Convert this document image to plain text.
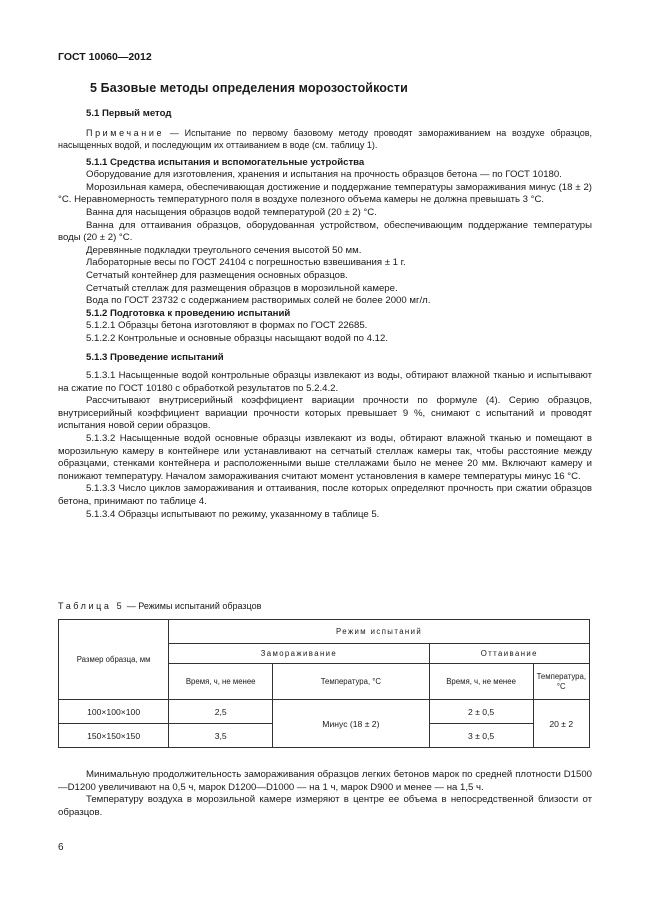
ГОСТ 10060—2012
5 Базовые методы определения морозостойкости
5.1 Первый метод

Примечание — Испытание по первому базовому методу проводят замораживанием на воздухе образцов, насыщенных водой, и последующим их оттаиванием в воде (см. таблицу 1).

5.1.1 Средства испытания и вспомогательные устройства

Оборудование для изготовления, хранения и испытания на прочность образцов бетона — по ГОСТ 10180.

Морозильная камера, обеспечивающая достижение и поддержание температуры замораживания минус (18 ± 2) °С. Неравномерность температурного поля в воздухе полезного объема камеры не должна превышать 3 °С.

Ванна для насыщения образцов водой температурой (20 ± 2) °С.

Ванна для оттаивания образцов, оборудованная устройством, обеспечивающим поддержание температуры воды (20 ± 2) °С.

Деревянные подкладки треугольного сечения высотой 50 мм.

Лабораторные весы по ГОСТ 24104 с погрешностью взвешивания ± 1 г.

Сетчатый контейнер для размещения основных образцов.

Сетчатый стеллаж для размещения образцов в морозильной камере.

Вода по ГОСТ 23732 с содержанием растворимых солей не более 2000 мг/л.

5.1.2 Подготовка к проведению испытаний

5.1.2.1 Образцы бетона изготовляют в формах по ГОСТ 22685.

5.1.2.2 Контрольные и основные образцы насыщают водой по 4.12.

5.1.3 Проведение испытаний

5.1.3.1 Насыщенные водой контрольные образцы извлекают из воды, обтирают влажной тканью и испытывают на сжатие по ГОСТ 10180 с обработкой результатов по 5.2.4.2.

Рассчитывают внутрисерийный коэффициент вариации прочности по формуле (4). Серию образцов, внутрисерийный коэффициент вариации прочности которых превышает 9 %, снимают с испытаний и проводят испытания новой серии образцов.

5.1.3.2 Насыщенные водой основные образцы извлекают из воды, обтирают влажной тканью и помещают в морозильную камеру в контейнере или устанавливают на сетчатый стеллаж камеры так, чтобы расстояние между образцами, стенками контейнера и расположенными выше стеллажами было не менее 20 мм. Включают камеру и понижают температуру. Началом замораживания считают момент установления в камере температуры минус 16 °С.

5.1.3.3 Число циклов замораживания и оттаивания, после которых определяют прочность при сжатии образцов бетона, принимают по таблице 4.

5.1.3.4 Образцы испытывают по режиму, указанному в таблице 5.

Таблица 5 — Режимы испытаний образцов
Размер образца, мм	Режим испытаний			
	Замораживание		Оттаивание	
	Время, ч, не менее	Температура, °С	Время, ч, не менее	Температура, °С
100×100×100	2,5	Минус (18 ± 2)	2 ± 0,5	20 ± 2
150×150×150	3,5		3 ± 0,5	

Минимальную продолжительность замораживания образцов легких бетонов марок по средней плотности D1500—D1200 увеличивают на 0,5 ч, марок D1200—D1000 — на 1 ч, марок D900 и менее — на 1,5 ч.

Температуру воздуха в морозильной камере измеряют в центре ее объема в непосредственной близости от образцов.

6
